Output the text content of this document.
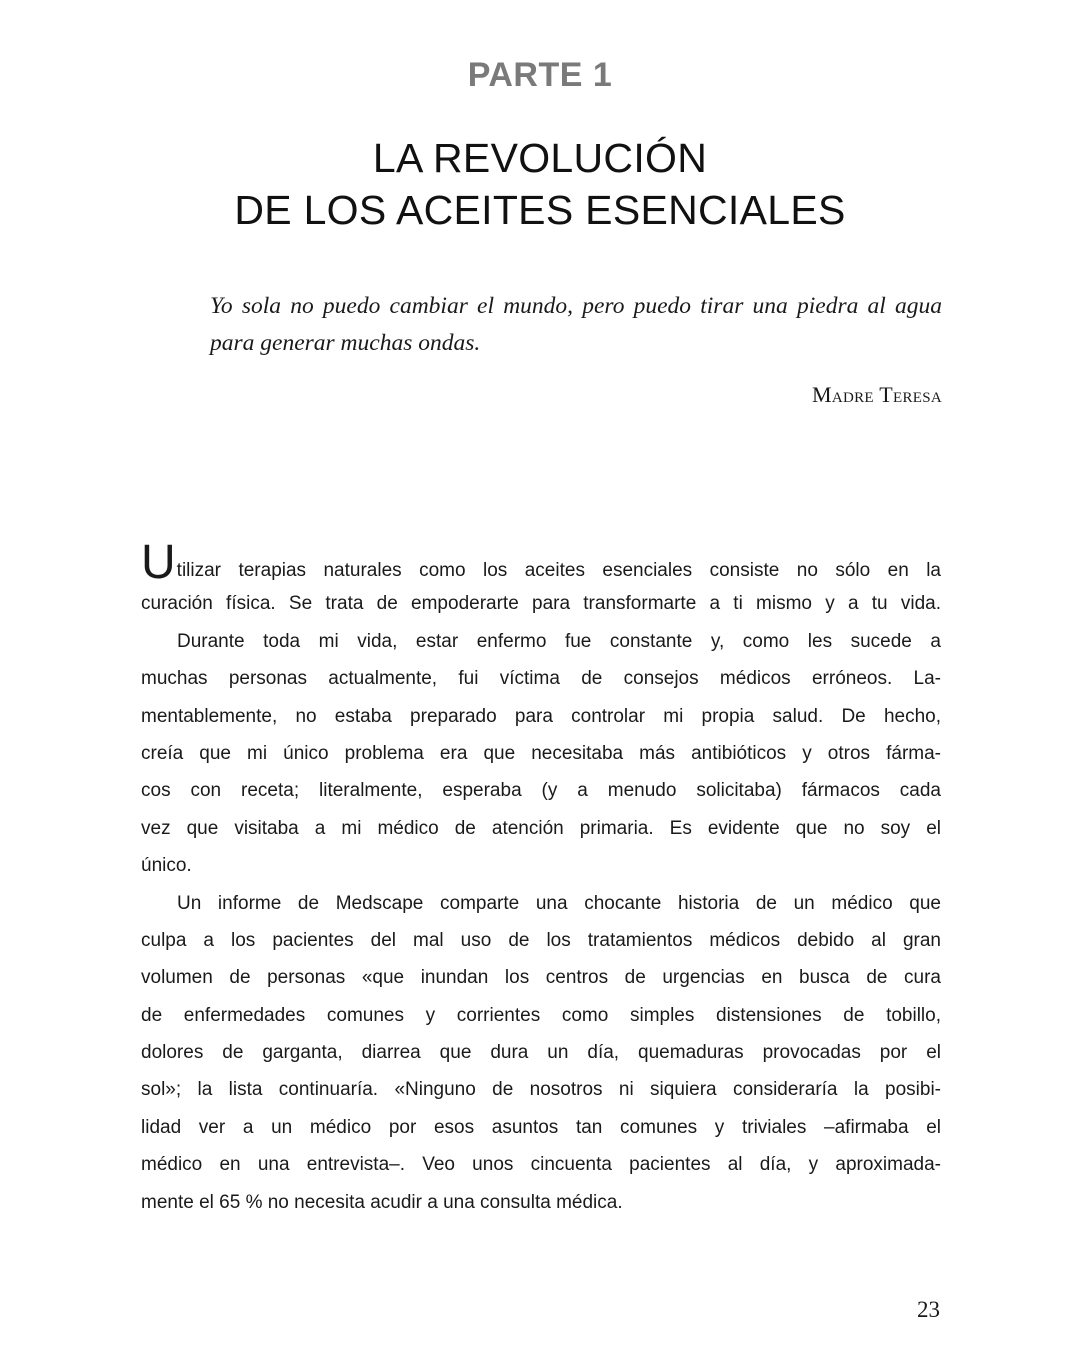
PARTE 1
LA REVOLUCIÓN
DE LOS ACEITES ESENCIALES
Yo sola no puedo cambiar el mundo, pero puedo tirar una piedra al agua
para generar muchas ondas.
Madre Teresa
Utilizar terapias naturales como los aceites esenciales consiste no sólo en la
curación física. Se trata de empoderarte para transformarte a ti mismo y a tu vida.
Durante toda mi vida, estar enfermo fue constante y, como les sucede a
muchas personas actualmente, fui víctima de consejos médicos erróneos. La-
mentablemente, no estaba preparado para controlar mi propia salud. De hecho,
creía que mi único problema era que necesitaba más antibióticos y otros fárma-
cos con receta; literalmente, esperaba (y a menudo solicitaba) fármacos cada
vez que visitaba a mi médico de atención primaria. Es evidente que no soy el
único.
Un informe de Medscape comparte una chocante historia de un médico que
culpa a los pacientes del mal uso de los tratamientos médicos debido al gran
volumen de personas «que inundan los centros de urgencias en busca de cura
de enfermedades comunes y corrientes como simples distensiones de tobillo,
dolores de garganta, diarrea que dura un día, quemaduras provocadas por el
sol»; la lista continuaría. «Ninguno de nosotros ni siquiera consideraría la posibi-
lidad ver a un médico por esos asuntos tan comunes y triviales –afirmaba el
médico en una entrevista–. Veo unos cincuenta pacientes al día, y aproximada-
mente el 65 % no necesita acudir a una consulta médica.
23
